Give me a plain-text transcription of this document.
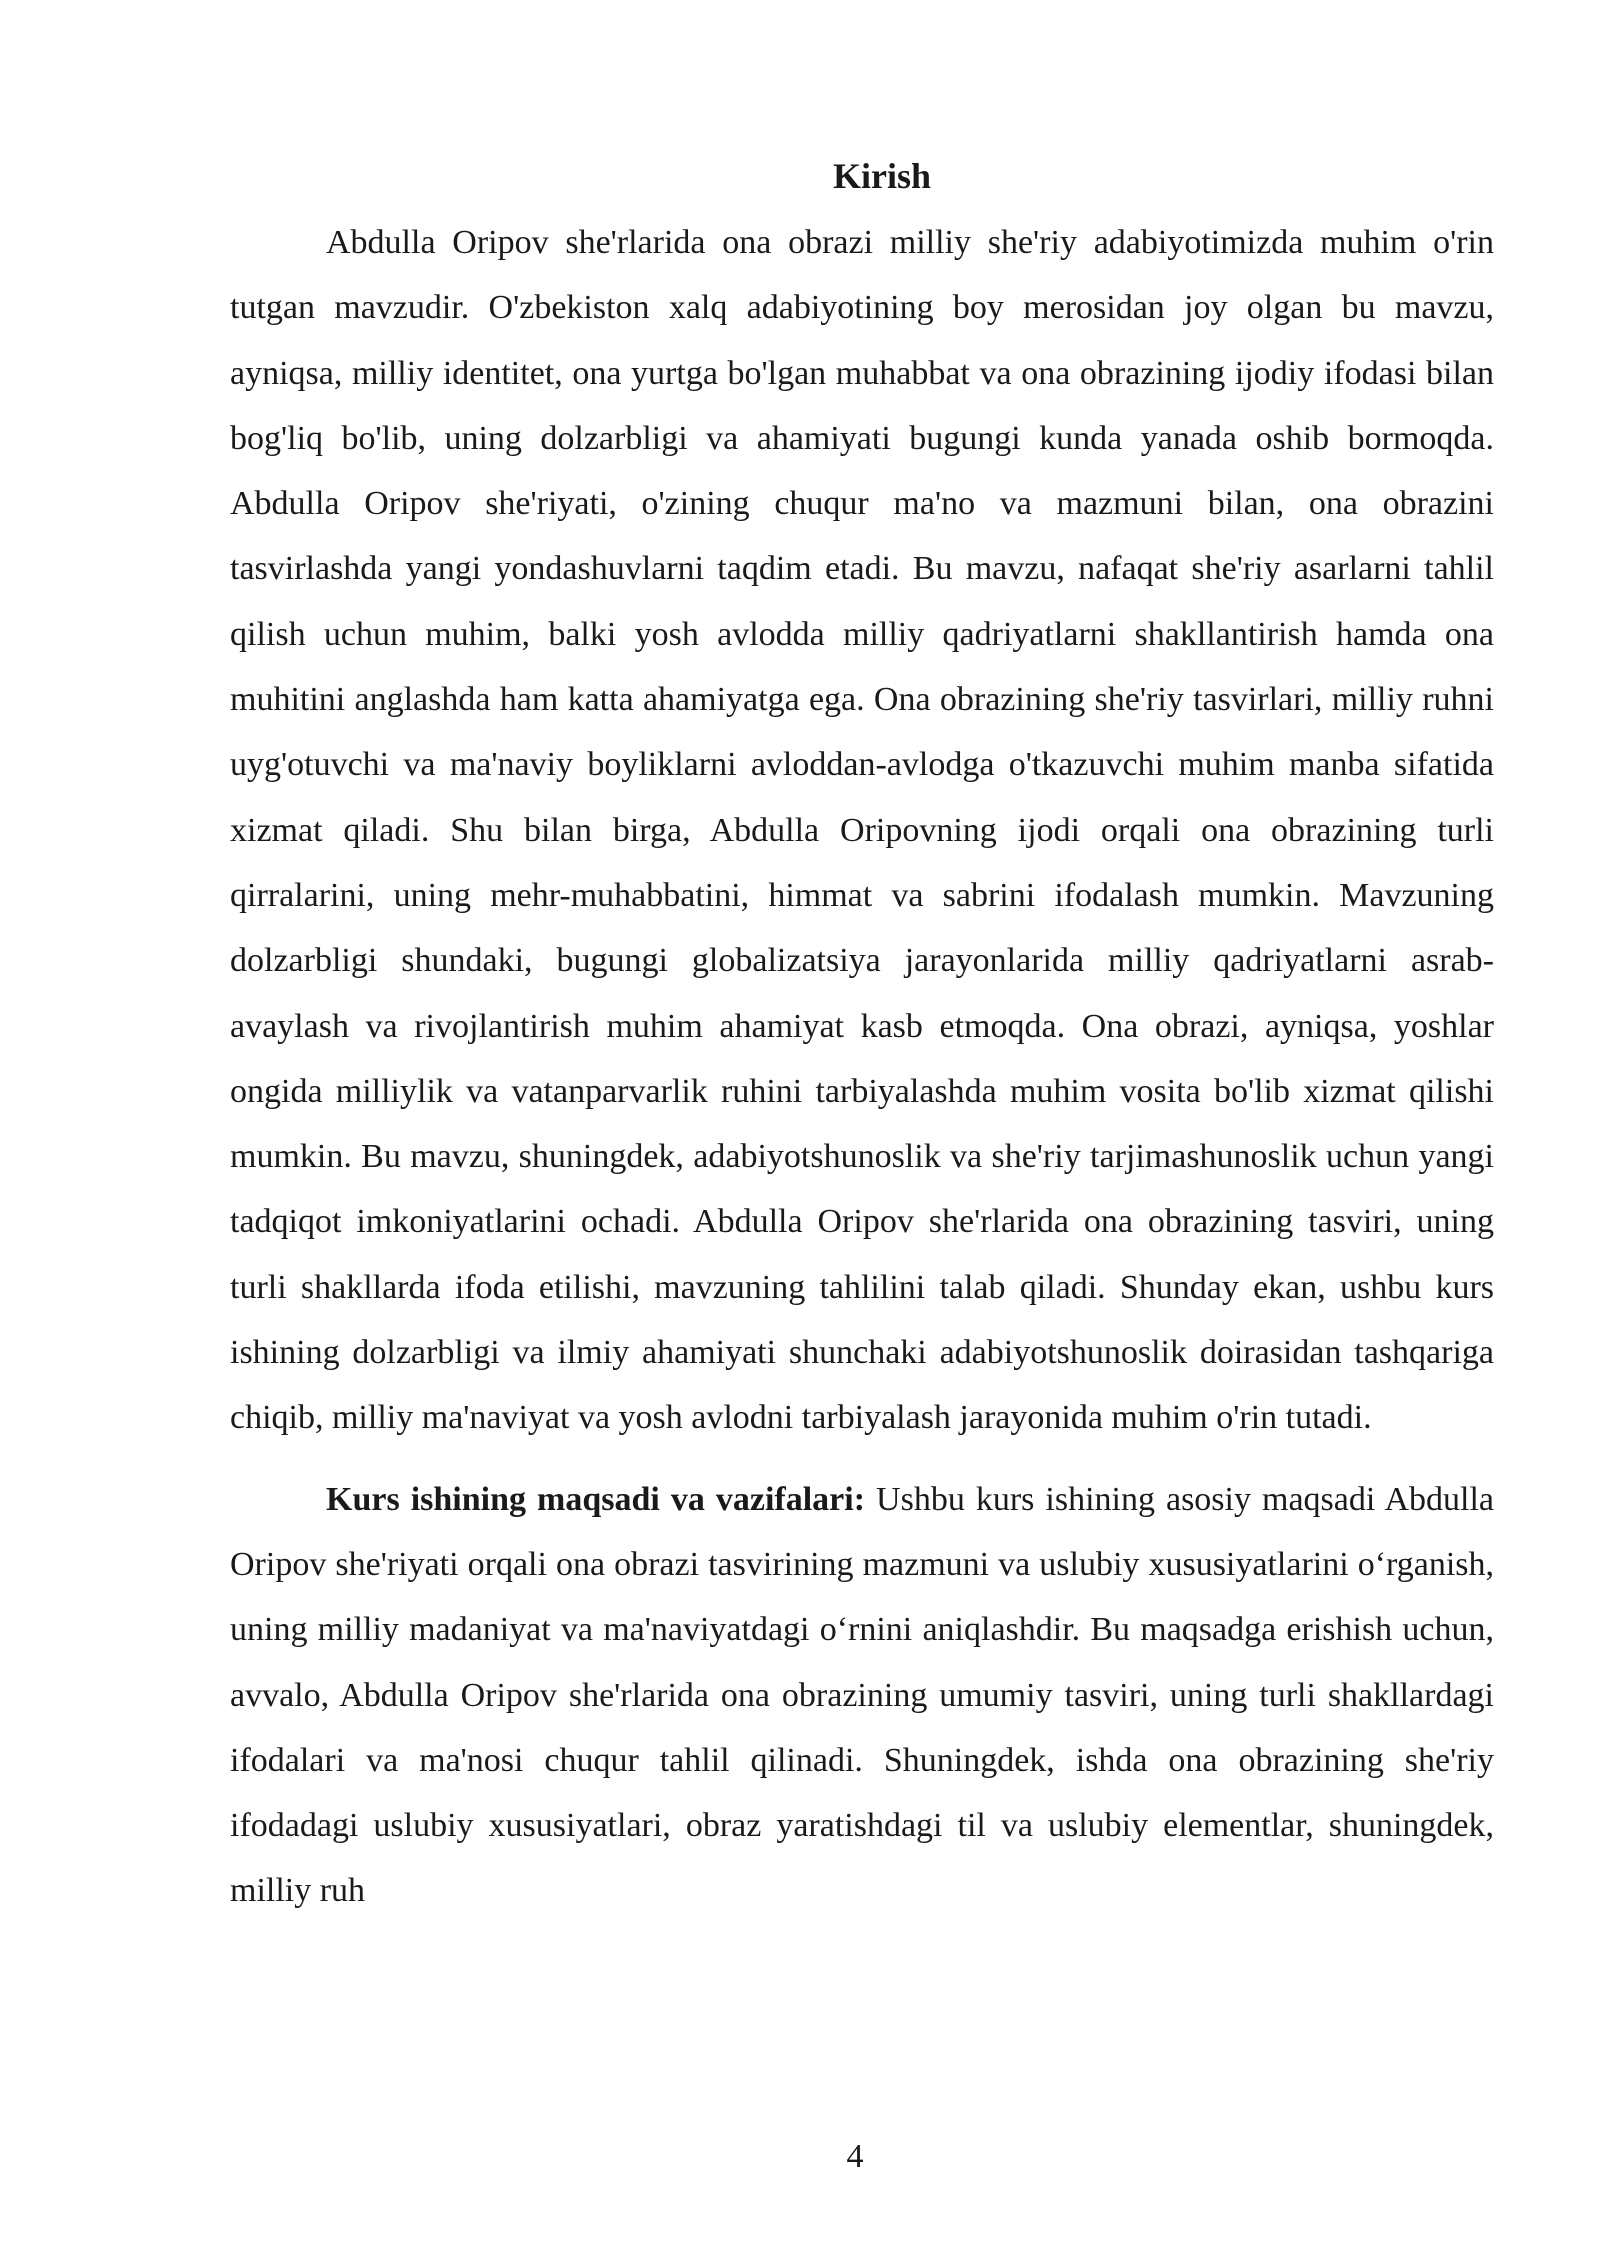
Kirish

Abdulla Oripov she'rlarida ona obrazi milliy she'riy adabiyotimizda muhim o'rin tutgan mavzudir. O'zbekiston xalq adabiyotining boy merosidan joy olgan bu mavzu, ayniqsa, milliy identitet, ona yurtga bo'lgan muhabbat va ona obrazining ijodiy ifodasi bilan bog'liq bo'lib, uning dolzarbligi va ahamiyati bugungi kunda yanada oshib bormoqda. Abdulla Oripov she'riyati, o'zining chuqur ma'no va mazmuni bilan, ona obrazini tasvirlashda yangi yondashuvlarni taqdim etadi. Bu mavzu, nafaqat she'riy asarlarni tahlil qilish uchun muhim, balki yosh avlodda milliy qadriyatlarni shakllantirish hamda ona muhitini anglashda ham katta ahamiyatga ega. Ona obrazining she'riy tasvirlari, milliy ruhni uyg'otuvchi va ma'naviy boyliklarni avloddan-avlodga o'tkazuvchi muhim manba sifatida xizmat qiladi. Shu bilan birga, Abdulla Oripovning ijodi orqali ona obrazining turli qirralarini, uning mehr-muhabbatini, himmat va sabrini ifodalash mumkin. Mavzuning dolzarbligi shundaki, bugungi globalizatsiya jarayonlarida milliy qadriyatlarni asrab-avaylash va rivojlantirish muhim ahamiyat kasb etmoqda. Ona obrazi, ayniqsa, yoshlar ongida milliylik va vatanparvarlik ruhini tarbiyalashda muhim vosita bo'lib xizmat qilishi mumkin. Bu mavzu, shuningdek, adabiyotshunoslik va she'riy tarjimashunoslik uchun yangi tadqiqot imkoniyatlarini ochadi. Abdulla Oripov she'rlarida ona obrazining tasviri, uning turli shakllarda ifoda etilishi, mavzuning tahlilini talab qiladi. Shunday ekan, ushbu kurs ishining dolzarbligi va ilmiy ahamiyati shunchaki adabiyotshunoslik doirasidan tashqariga chiqib, milliy ma'naviyat va yosh avlodni tarbiyalash jarayonida muhim o'rin tutadi.

Kurs ishining maqsadi va vazifalari: Ushbu kurs ishining asosiy maqsadi Abdulla Oripov she'riyati orqali ona obrazi tasvirining mazmuni va uslubiy xususiyatlarini o‘rganish, uning milliy madaniyat va ma'naviyatdagi o‘rnini aniqlashdir. Bu maqsadga erishish uchun, avvalo, Abdulla Oripov she'rlarida ona obrazining umumiy tasviri, uning turli shakllardagi ifodalari va ma'nosi chuqur tahlil qilinadi. Shuningdek, ishda ona obrazining she'riy ifodadagi uslubiy xususiyatlari, obraz yaratishdagi til va uslubiy elementlar, shuningdek, milliy ruh

4
